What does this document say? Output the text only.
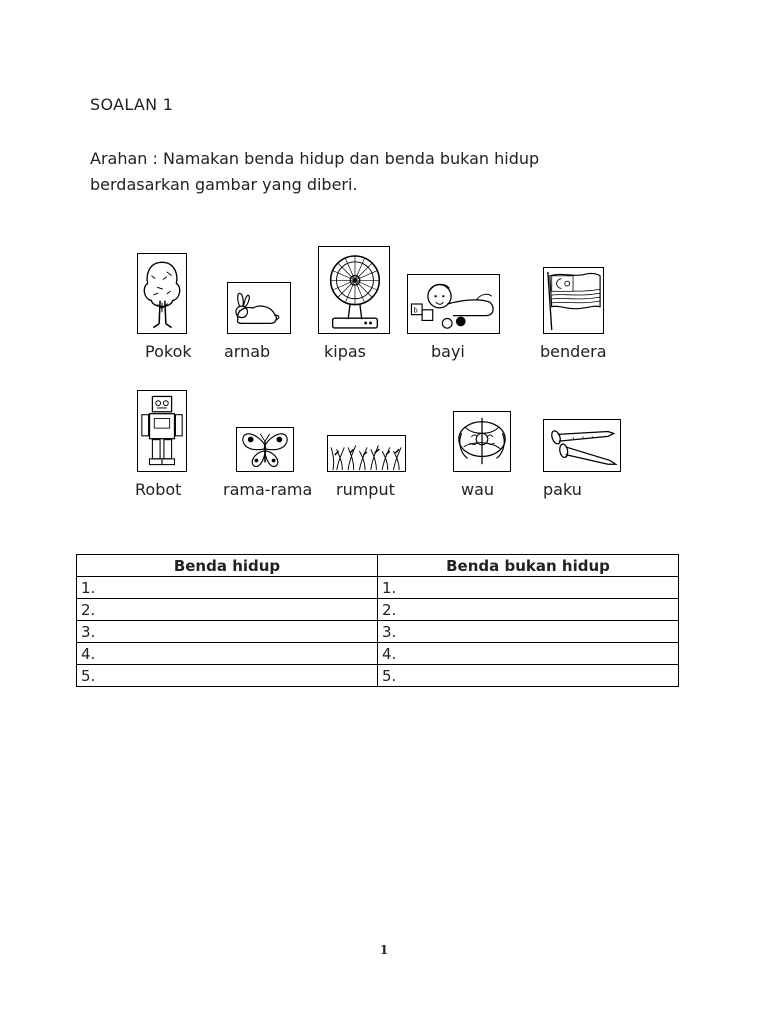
SOALAN 1
Arahan : Namakan benda hidup dan benda bukan hidup
berdasarkan gambar yang diberi.
b
Pokok arnab	kipas	bayi	bendera
Robot	rama-rama rumput	wau	paku
Benda hidup	Benda bukan hidup
1.	1.
2.	2.
3.	3.
4.	4.
5.	5.
1
